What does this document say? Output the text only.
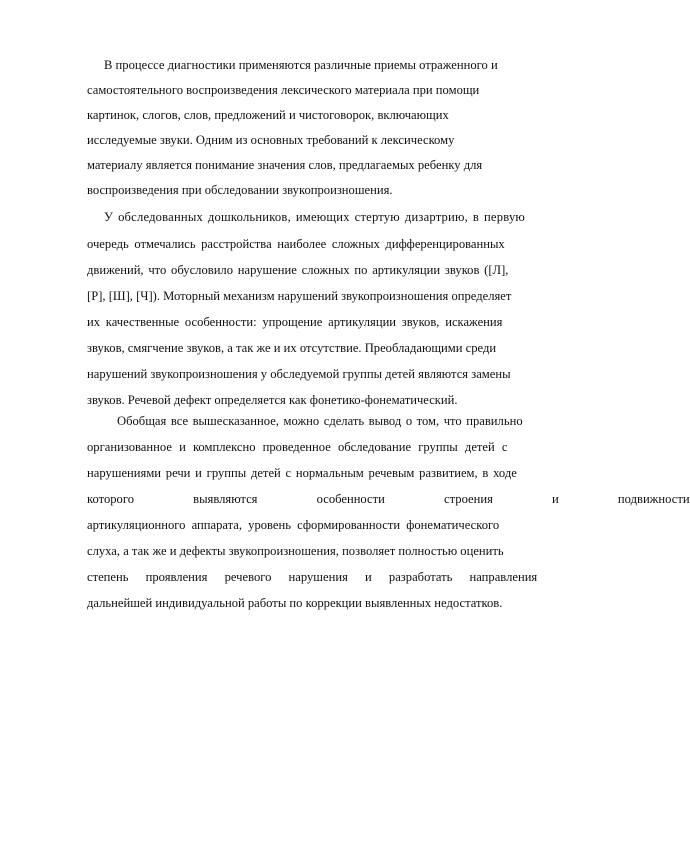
В процессе диагностики применяются различные приемы отраженного и
самостоятельного воспроизведения лексического материала при помощи
картинок, слогов, слов, предложений и чистоговорок, включающих
исследуемые звуки. Одним из основных требований к лексическому
материалу является понимание значения слов, предлагаемых ребенку для
воспроизведения при обследовании звукопроизношения.
У обследованных дошкольников, имеющих стертую дизартрию, в первую
очередь отмечались расстройства наиболее сложных дифференцированных
движений, что обусловило нарушение сложных по артикуляции звуков ([Л],
[Р], [Ш], [Ч]). Моторный механизм нарушений звукопроизношения определяет
их качественные особенности: упрощение артикуляции звуков, искажения
звуков, смягчение звуков, а так же и их отсутствие. Преобладающими среди
нарушений звукопроизношения у обследуемой группы детей являются замены
звуков. Речевой дефект определяется как фонетико-фонематический.
Обобщая все вышесказанное, можно сделать вывод о том, что правильно
организованное и комплексно проведенное обследование группы детей с
нарушениями речи и группы детей с нормальным речевым развитием, в ходе
которого выявляются особенности строения и подвижности
артикуляционного аппарата, уровень сформированности фонематического
слуха, а так же и дефекты звукопроизношения, позволяет полностью оценить
степень проявления речевого нарушения и разработать направления
дальнейшей индивидуальной работы по коррекции выявленных недостатков.
